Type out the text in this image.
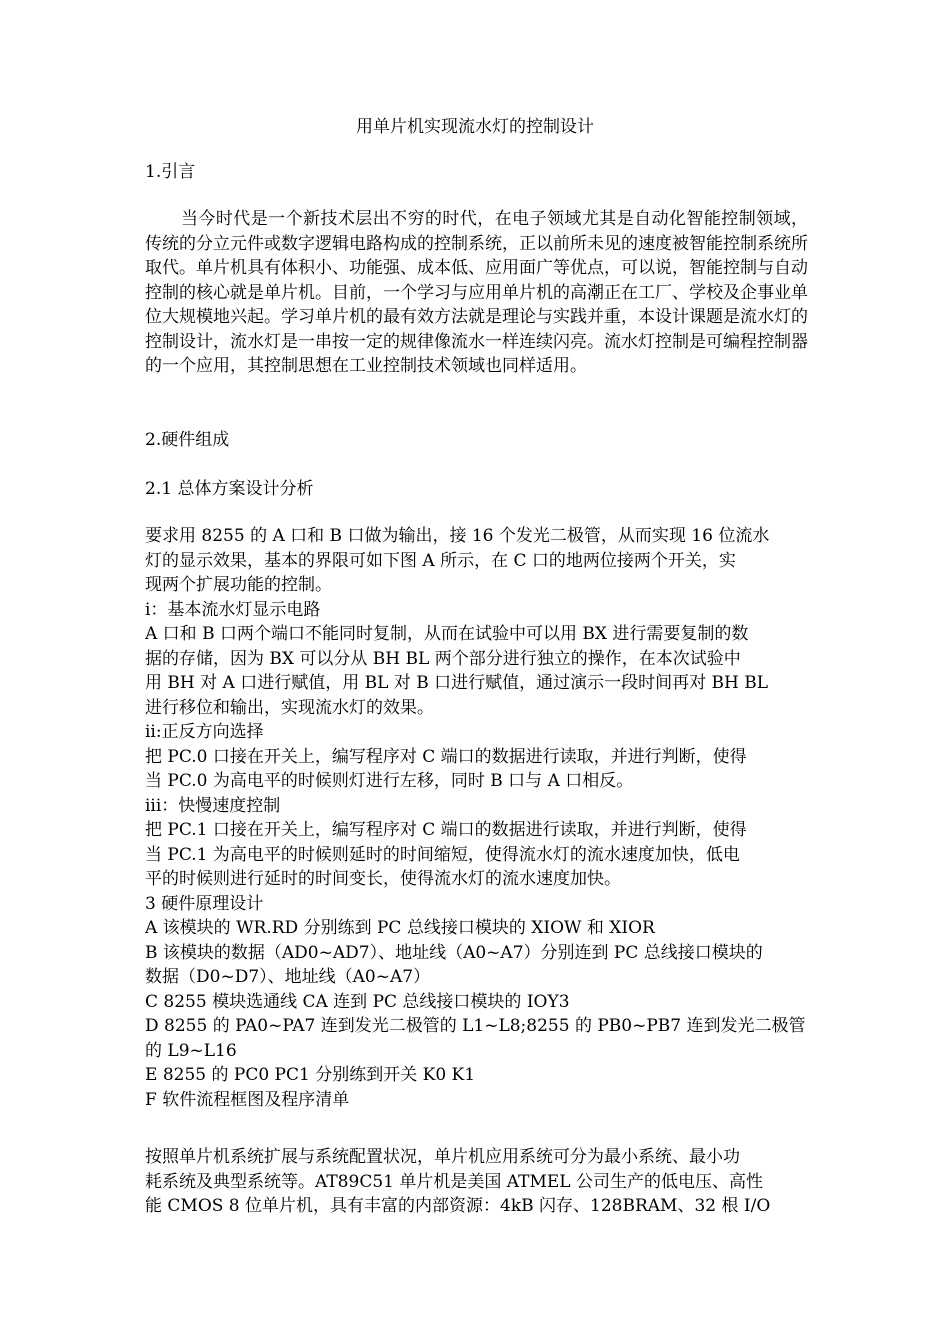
用单片机实现流水灯的控制设计
1.引言

当今时代是一个新技术层出不穷的时代，在电子领域尤其是自动化智能控制领域，传统的分立元件或数字逻辑电路构成的控制系统，正以前所未见的速度被智能控制系统所取代。单片机具有体积小、功能强、成本低、应用面广等优点，可以说，智能控制与自动控制的核心就是单片机。目前，一个学习与应用单片机的高潮正在工厂、学校及企事业单位大规模地兴起。学习单片机的最有效方法就是理论与实践并重，本设计课题是流水灯的控制设计，流水灯是一串按一定的规律像流水一样连续闪亮。流水灯控制是可编程控制器的一个应用，其控制思想在工业控制技术领域也同样适用。

2.硬件组成
2.1 总体方案设计分析
要求用 8255 的 A 口和 B 口做为输出，接 16 个发光二极管，从而实现 16 位流水
灯的显示效果，基本的界限可如下图 A 所示，在 C 口的地两位接两个开关，实
现两个扩展功能的控制。
i：基本流水灯显示电路
A 口和 B 口两个端口不能同时复制，从而在试验中可以用 BX 进行需要复制的数
据的存储，因为 BX 可以分从 BH BL 两个部分进行独立的操作，在本次试验中
用 BH 对 A 口进行赋值，用 BL 对 B 口进行赋值，通过演示一段时间再对 BH BL
进行移位和输出，实现流水灯的效果。
ii:正反方向选择
把 PC.0 口接在开关上，编写程序对 C 端口的数据进行读取，并进行判断，使得
当 PC.0 为高电平的时候则灯进行左移，同时 B 口与 A 口相反。
iii：快慢速度控制
把 PC.1 口接在开关上，编写程序对 C 端口的数据进行读取，并进行判断，使得
当 PC.1 为高电平的时候则延时的时间缩短，使得流水灯的流水速度加快，低电
平的时候则进行延时的时间变长，使得流水灯的流水速度加快。
3 硬件原理设计
A 该模块的 WR.RD 分别练到 PC 总线接口模块的 XIOW 和 XIOR
B 该模块的数据（AD0~AD7）、地址线（A0~A7）分别连到 PC 总线接口模块的
数据（D0~D7）、地址线（A0~A7）
C 8255 模块选通线 CA 连到 PC 总线接口模块的 IOY3
D 8255 的 PA0~PA7 连到发光二极管的 L1~L8;8255 的 PB0~PB7 连到发光二极管
的 L9~L16
E 8255 的 PC0 PC1 分别练到开关 K0 K1
F 软件流程框图及程序清单
按照单片机系统扩展与系统配置状况，单片机应用系统可分为最小系统、最小功
耗系统及典型系统等。AT89C51 单片机是美国 ATMEL 公司生产的低电压、高性
能 CMOS 8 位单片机，具有丰富的内部资源：4kB 闪存、128BRAM、32 根 I/O
